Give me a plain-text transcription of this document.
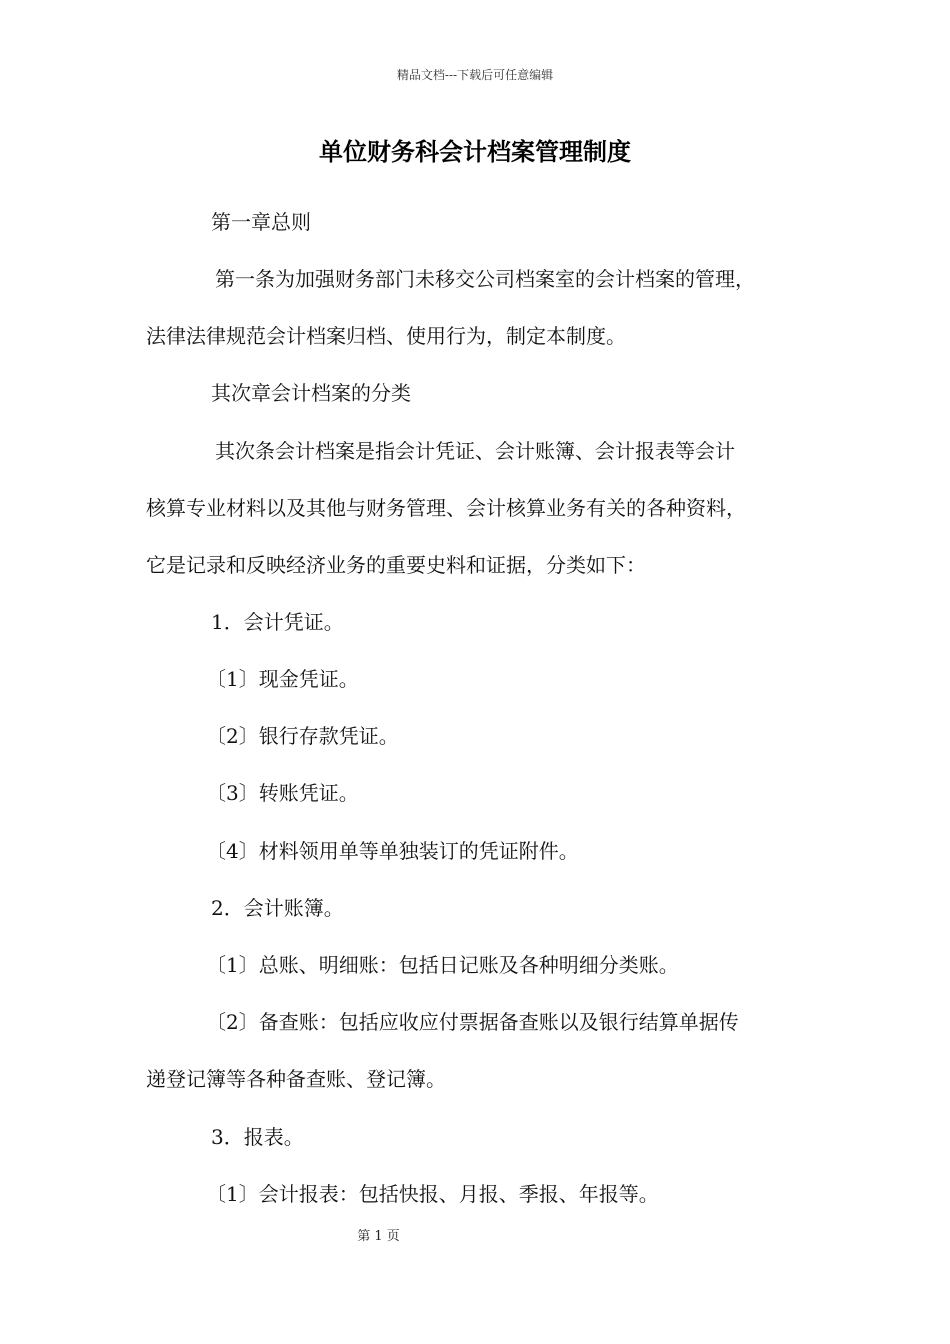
精品文档---下载后可任意编辑
单位财务科会计档案管理制度
第一章总则
第一条为加强财务部门未移交公司档案室的会计档案的管理，
法律法律规范会计档案归档、使用行为，制定本制度。
其次章会计档案的分类
其次条会计档案是指会计凭证、会计账簿、会计报表等会计
核算专业材料以及其他与财务管理、会计核算业务有关的各种资料，
它是记录和反映经济业务的重要史料和证据，分类如下：
1．会计凭证。
〔1〕现金凭证。
〔2〕银行存款凭证。
〔3〕转账凭证。
〔4〕材料领用单等单独装订的凭证附件。
2．会计账簿。
〔1〕总账、明细账：包括日记账及各种明细分类账。
〔2〕备查账：包括应收应付票据备查账以及银行结算单据传
递登记簿等各种备查账、登记簿。
3．报表。
〔1〕会计报表：包括快报、月报、季报、年报等。
第 1 页
